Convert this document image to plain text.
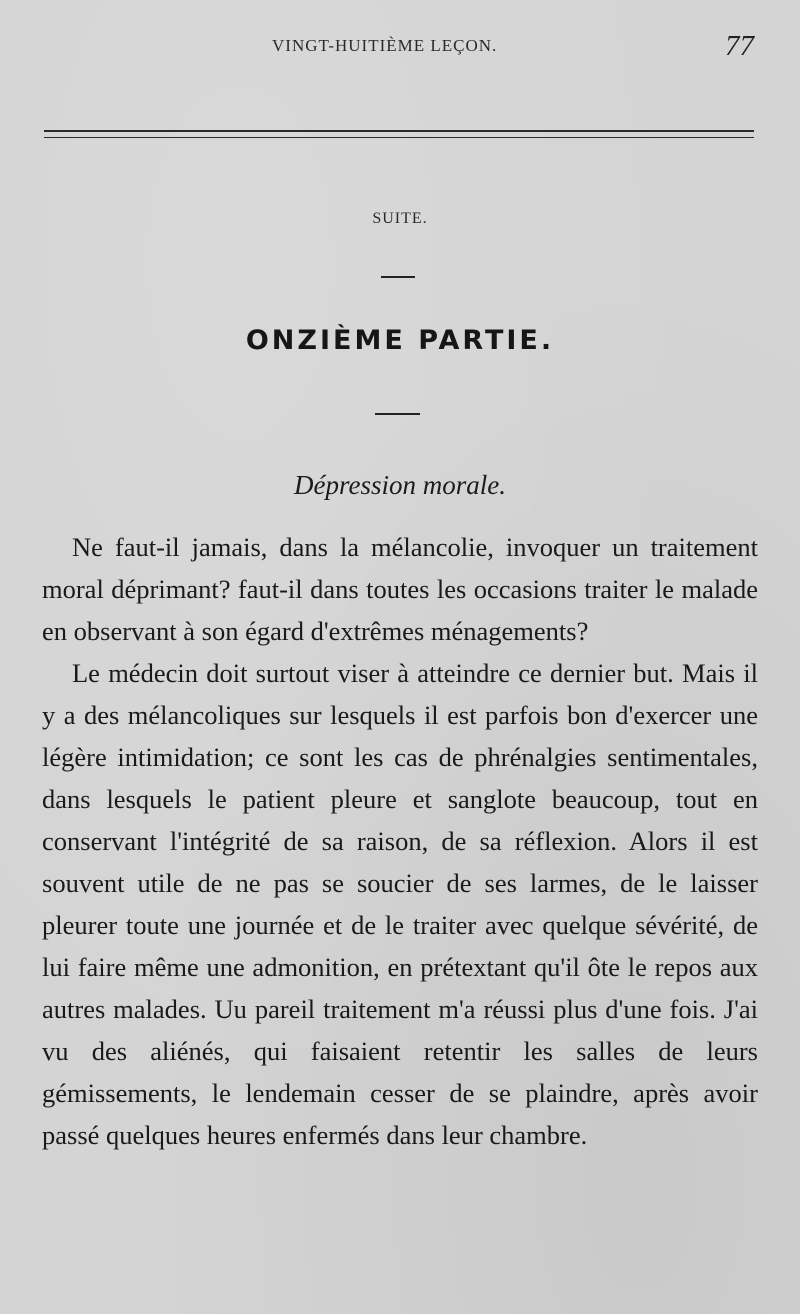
VINGT-HUITIÈME LEÇON.	77
SUITE.
ONZIÈME PARTIE.
Dépression morale.

Ne faut-il jamais, dans la mélancolie, invoquer un traitement moral déprimant? faut-il dans toutes les occasions traiter le malade en observant à son égard d'extrêmes ménagements?

Le médecin doit surtout viser à atteindre ce dernier but. Mais il y a des mélancoliques sur lesquels il est parfois bon d'exercer une légère intimidation; ce sont les cas de phrénalgies sentimentales, dans lesquels le patient pleure et sanglote beaucoup, tout en conservant l'intégrité de sa raison, de sa réflexion. Alors il est souvent utile de ne pas se soucier de ses larmes, de le laisser pleurer toute une journée et de le traiter avec quelque sévérité, de lui faire même une admonition, en prétextant qu'il ôte le repos aux autres malades. Uu pareil traitement m'a réussi plus d'une fois. J'ai vu des aliénés, qui faisaient retentir les salles de leurs gémissements, le lendemain cesser de se plaindre, après avoir passé quelques heures enfermés dans leur chambre.
